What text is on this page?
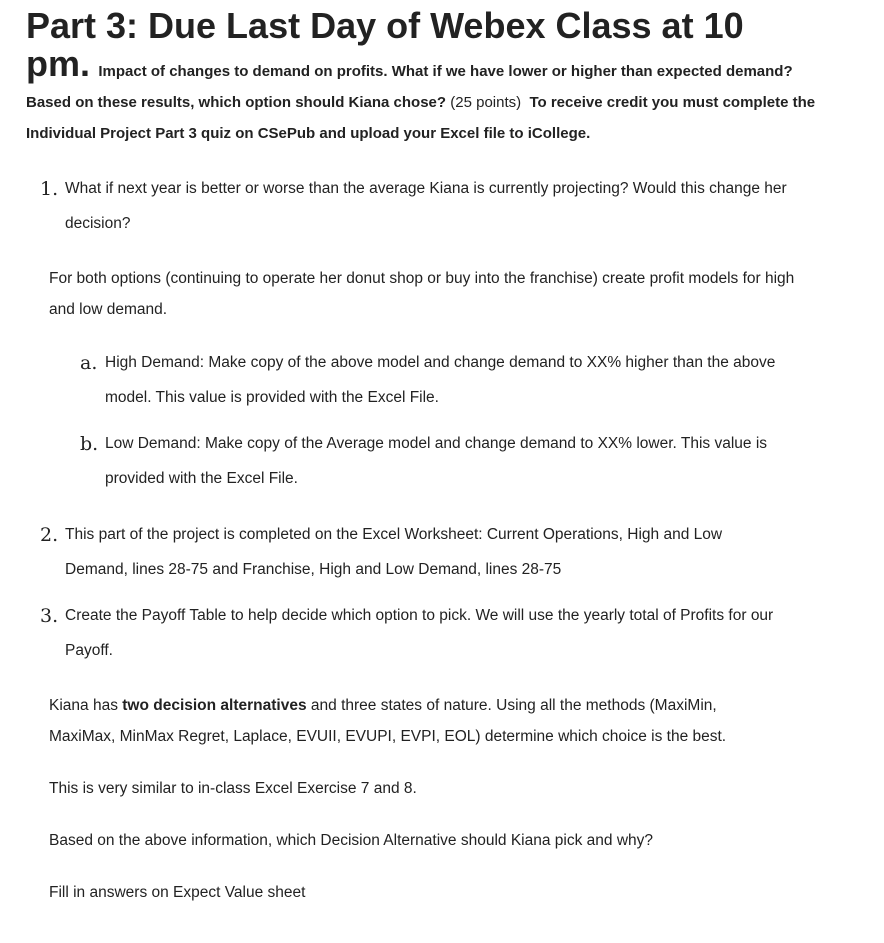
Part 3: Due Last Day of Webex Class at 10
pm. Impact of changes to demand on profits. What if we have lower or higher than expected demand? Based on these results, which option should Kiana chose? (25 points) To receive credit you must complete the Individual Project Part 3 quiz on CSePub and upload your Excel file to iCollege.
1. What if next year is better or worse than the average Kiana is currently projecting? Would this change her decision?
For both options (continuing to operate her donut shop or buy into the franchise) create profit models for high and low demand.
a. High Demand: Make copy of the above model and change demand to XX% higher than the above model. This value is provided with the Excel File.
b. Low Demand: Make copy of the Average model and change demand to XX% lower. This value is provided with the Excel File.
2. This part of the project is completed on the Excel Worksheet: Current Operations, High and Low Demand, lines 28-75 and Franchise, High and Low Demand, lines 28-75
3. Create the Payoff Table to help decide which option to pick. We will use the yearly total of Profits for our Payoff.
Kiana has two decision alternatives and three states of nature. Using all the methods (MaxiMin, MaxiMax, MinMax Regret, Laplace, EVUII, EVUPI, EVPI, EOL) determine which choice is the best.
This is very similar to in-class Excel Exercise 7 and 8.
Based on the above information, which Decision Alternative should Kiana pick and why?
Fill in answers on Expect Value sheet
